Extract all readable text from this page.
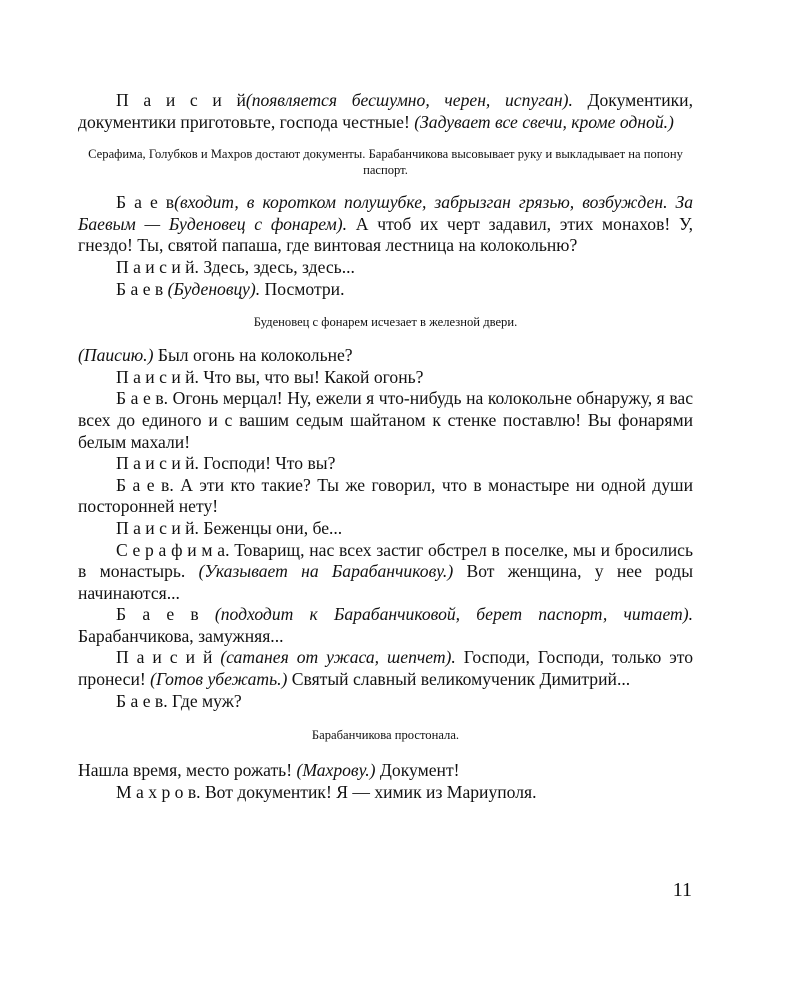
П а и с и й(появляется бесшумно, черен, испуган). Документики, документики приготовьте, господа честные! (Задувает все свечи, кроме одной.)

Серафима, Голубков и Махров достают документы. Барабанчикова высовывает руку и выкладывает на попону паспорт.

Б а е в(входит, в коротком полушубке, забрызган грязью, возбужден. За Баевым — Буденовец с фонарем). А чтоб их черт задавил, этих монахов! У, гнездо! Ты, святой папаша, где винтовая лестница на колокольню?

П а и с и й. Здесь, здесь, здесь...

Б а е в (Буденовцу). Посмотри.

Буденовец с фонарем исчезает в железной двери.

(Паисию.) Был огонь на колокольне?

П а и с и й. Что вы, что вы! Какой огонь?

Б а е в. Огонь мерцал! Ну, ежели я что-нибудь на колокольне обнаружу, я вас всех до единого и с вашим седым шайтаном к стенке поставлю! Вы фонарями белым махали!

П а и с и й. Господи! Что вы?

Б а е в. А эти кто такие? Ты же говорил, что в монастыре ни одной души посторонней нету!

П а и с и й. Беженцы они, бе...

С е р а ф и м а. Товарищ, нас всех застиг обстрел в поселке, мы и бросились в монастырь. (Указывает на Барабанчикову.) Вот женщина, у нее роды начинаются...

Б а е в (подходит к Барабанчиковой, берет паспорт, читает). Барабанчикова, замужняя...

П а и с и й (сатанея от ужаса, шепчет). Господи, Господи, только это пронеси! (Готов убежать.) Святый славный великомученик Димитрий...

Б а е в. Где муж?

Барабанчикова простонала.

Нашла время, место рожать! (Махрову.) Документ!

М а х р о в. Вот документик! Я — химик из Мариуполя.

11
